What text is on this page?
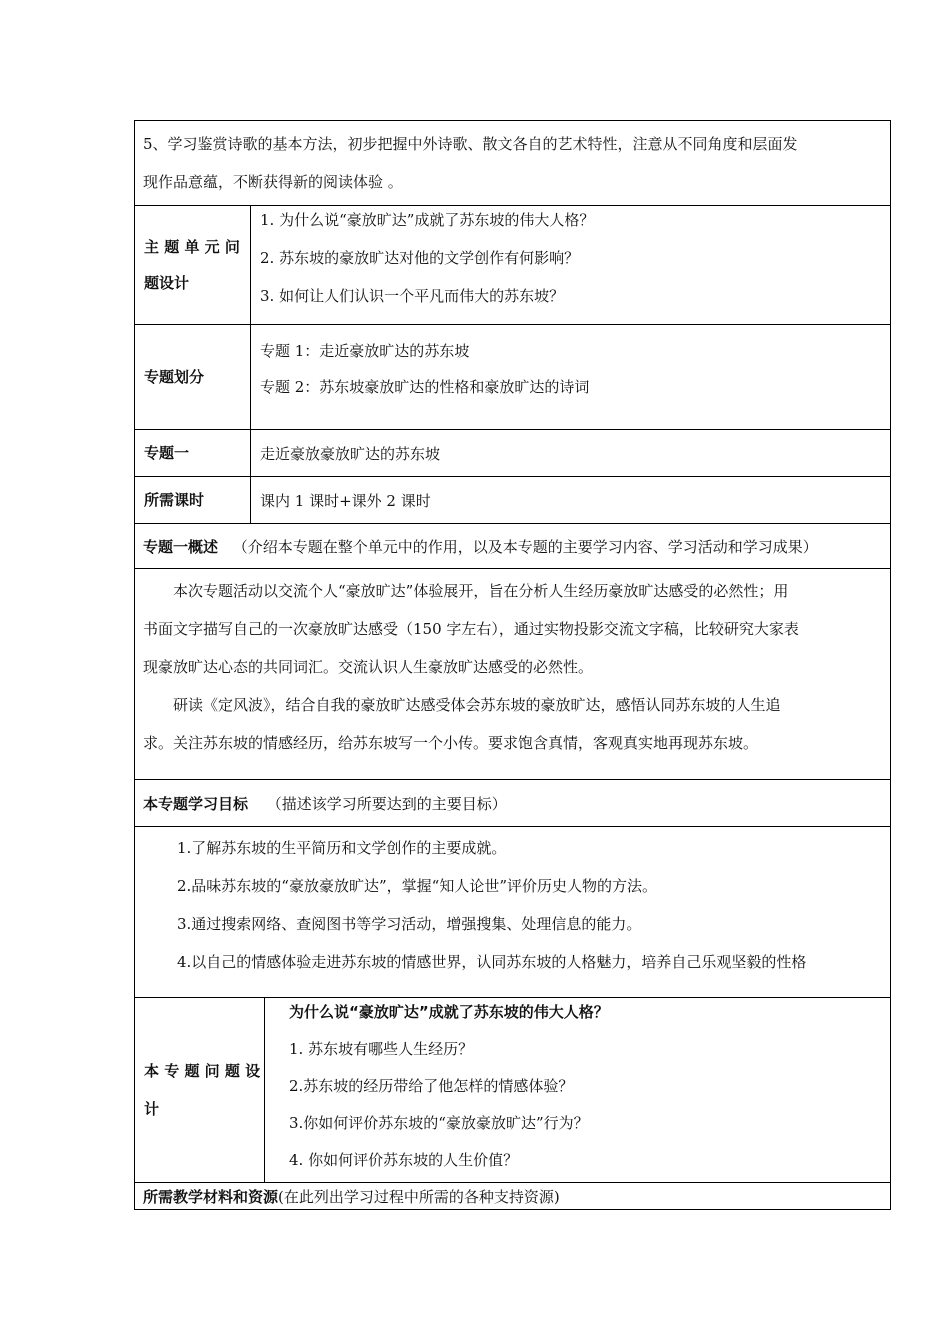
5、学习鉴赏诗歌的基本方法，初步把握中外诗歌、散文各自的艺术特性，注意从不同角度和层面发
现作品意蕴，不断获得新的阅读体验 。		

主 题 单 元 问
题设计	1. 为什么说“豪放旷达”成就了苏东坡的伟大人格？
2. 苏东坡的豪放旷达对他的文学创作有何影响？
3. 如何让人们认识一个平凡而伟大的苏东坡？	

专题划分	专题 1：走近豪放旷达的苏东坡
专题 2：苏东坡豪放旷达的性格和豪放旷达的诗词	

专题一	走近豪放豪放旷达的苏东坡	
所需课时	课内 1 课时+课外 2 课时	
专题一概述 （介绍本专题在整个单元中的作用，以及本专题的主要学习内容、学习活动和学习成果）		

本次专题活动以交流个人“豪放旷达”体验展开，旨在分析人生经历豪放旷达感受的必然性；用
书面文字描写自己的一次豪放旷达感受（150 字左右），通过实物投影交流文字稿，比较研究大家表
现豪放旷达心态的共同词汇。交流认识人生豪放旷达感受的必然性。
研读《定风波》，结合自我的豪放旷达感受体会苏东坡的豪放旷达，感悟认同苏东坡的人生追
求。关注苏东坡的情感经历，给苏东坡写一个小传。要求饱含真情，客观真实地再现苏东坡。		

本专题学习目标 （描述该学习所要达到的主要目标）		

1.了解苏东坡的生平简历和文学创作的主要成就。
2.品味苏东坡的“豪放豪放旷达”，掌握“知人论世”评价历史人物的方法。
3.通过搜索网络、查阅图书等学习活动，增强搜集、处理信息的能力。
4.以自己的情感体验走进苏东坡的情感世界，认同苏东坡的人格魅力，培养自己乐观坚毅的性格		

本 专 题 问 题 设
计		为什么说“豪放旷达”成就了苏东坡的伟大人格？
1. 苏东坡有哪些人生经历？
2.苏东坡的经历带给了他怎样的情感体验？
3.你如何评价苏东坡的“豪放豪放旷达”行为？
4. 你如何评价苏东坡的人生价值？

所需教学材料和资源(在此列出学习过程中所需的各种支持资源)		
